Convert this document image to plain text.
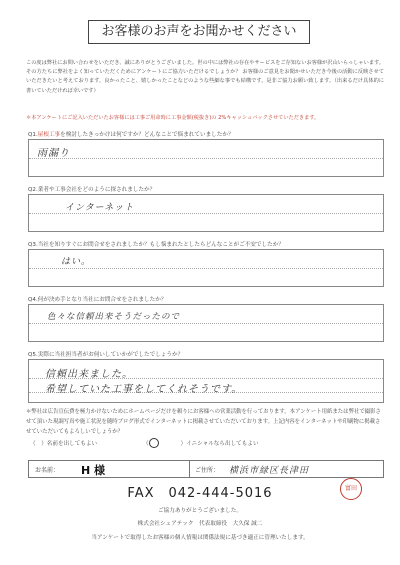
お客様のお声をお聞かせください
この度は弊社にお問い合わせをいただき、誠にありがとうございました。世の中には弊社の存在やサービスをご存知ないお客様が沢山いらっしゃいます。その方たちに弊社をよく知っていただくためにアンケートにご協力いただけるでしょうか？ お客様のご意見をお聞かせいただき今後の活動に反映させていただきたいと考えております。良かったこと、嬉しかったことなどのような些細な事でも結構です。是非ご協力お願い致します。（出来るだけ具体的に書いていただければ幸いです）
＊本アンケートにご記入いただいたお客様には工事ご用命時に工事金額(税抜き)の 2%キャッシュバックさせていただきます。
Q1.屋根工事を検討したきっかけは何ですか？どんなことで悩まれていましたか？
雨漏り
Q2.業者や工事会社をどのように探されましたか？
インターネット
Q3.当社を知りすぐにお問合せをされましたか？もし悩まれたとしたらどんなことがご不安でしたか？
はい。
Q4.何が決め手となり当社にお問合せをされましたか？
色々な信頼出来そうだったので
Q5.実際に当社担当者がお伺いしていかがでしたでしょうか？
信頼出来ました。
希望していた工事をしてくれそうです。
＊弊社は広告宣伝費を極力かけないためにホームページだけを頼りにお客様への営業活動を行っております。本アンケート用紙または弊社で撮影させて頂いた現調写真や施工状況を随時ブログ形式でインターネットに掲載させていただいております。上記内容をインターネットや印刷物に掲載させていただいてもよろしいでしょうか？
（　）名前を出してもよい	（	）イニシャルなら出してもよい
お名前： H 様	ご住所： 横浜市緑区長津田
FAX　042-444-5016	富田
ご協力ありがとうございました。
株式会社シェアテック　代表取締役　大久保 誠二
当アンケートで取得したお客様の個人情報は関係法規に基づき適正に管理いたします。
